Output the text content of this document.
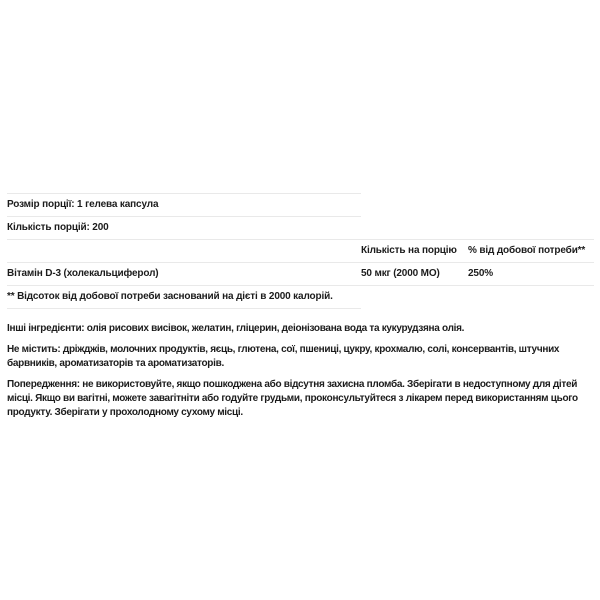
Розмір порції: 1 гелева капсула		
Кількість порцій: 200		
	Кількість на порцію	% від добової потреби**
Вітамін D-3 (холекальциферол)	50 мкг (2000 МО)	250%
** Відсоток від добової потреби заснований на дієті в 2000 калорій.		

Інші інгредієнти: олія рисових висівок, желатин, гліцерин, деіонізована вода та кукурудзяна олія.

Не містить: дріжджів, молочних продуктів, яєць, глютена, сої, пшениці, цукру, крохмалю, солі, консервантів, штучних барвників, ароматизаторів та ароматизаторів.

Попередження: не використовуйте, якщо пошкоджена або відсутня захисна пломба. Зберігати в недоступному для дітей місці. Якщо ви вагітні, можете завагітніти або годуйте грудьми, проконсультуйтеся з лікарем перед використанням цього продукту. Зберігати у прохолодному сухому місці.
